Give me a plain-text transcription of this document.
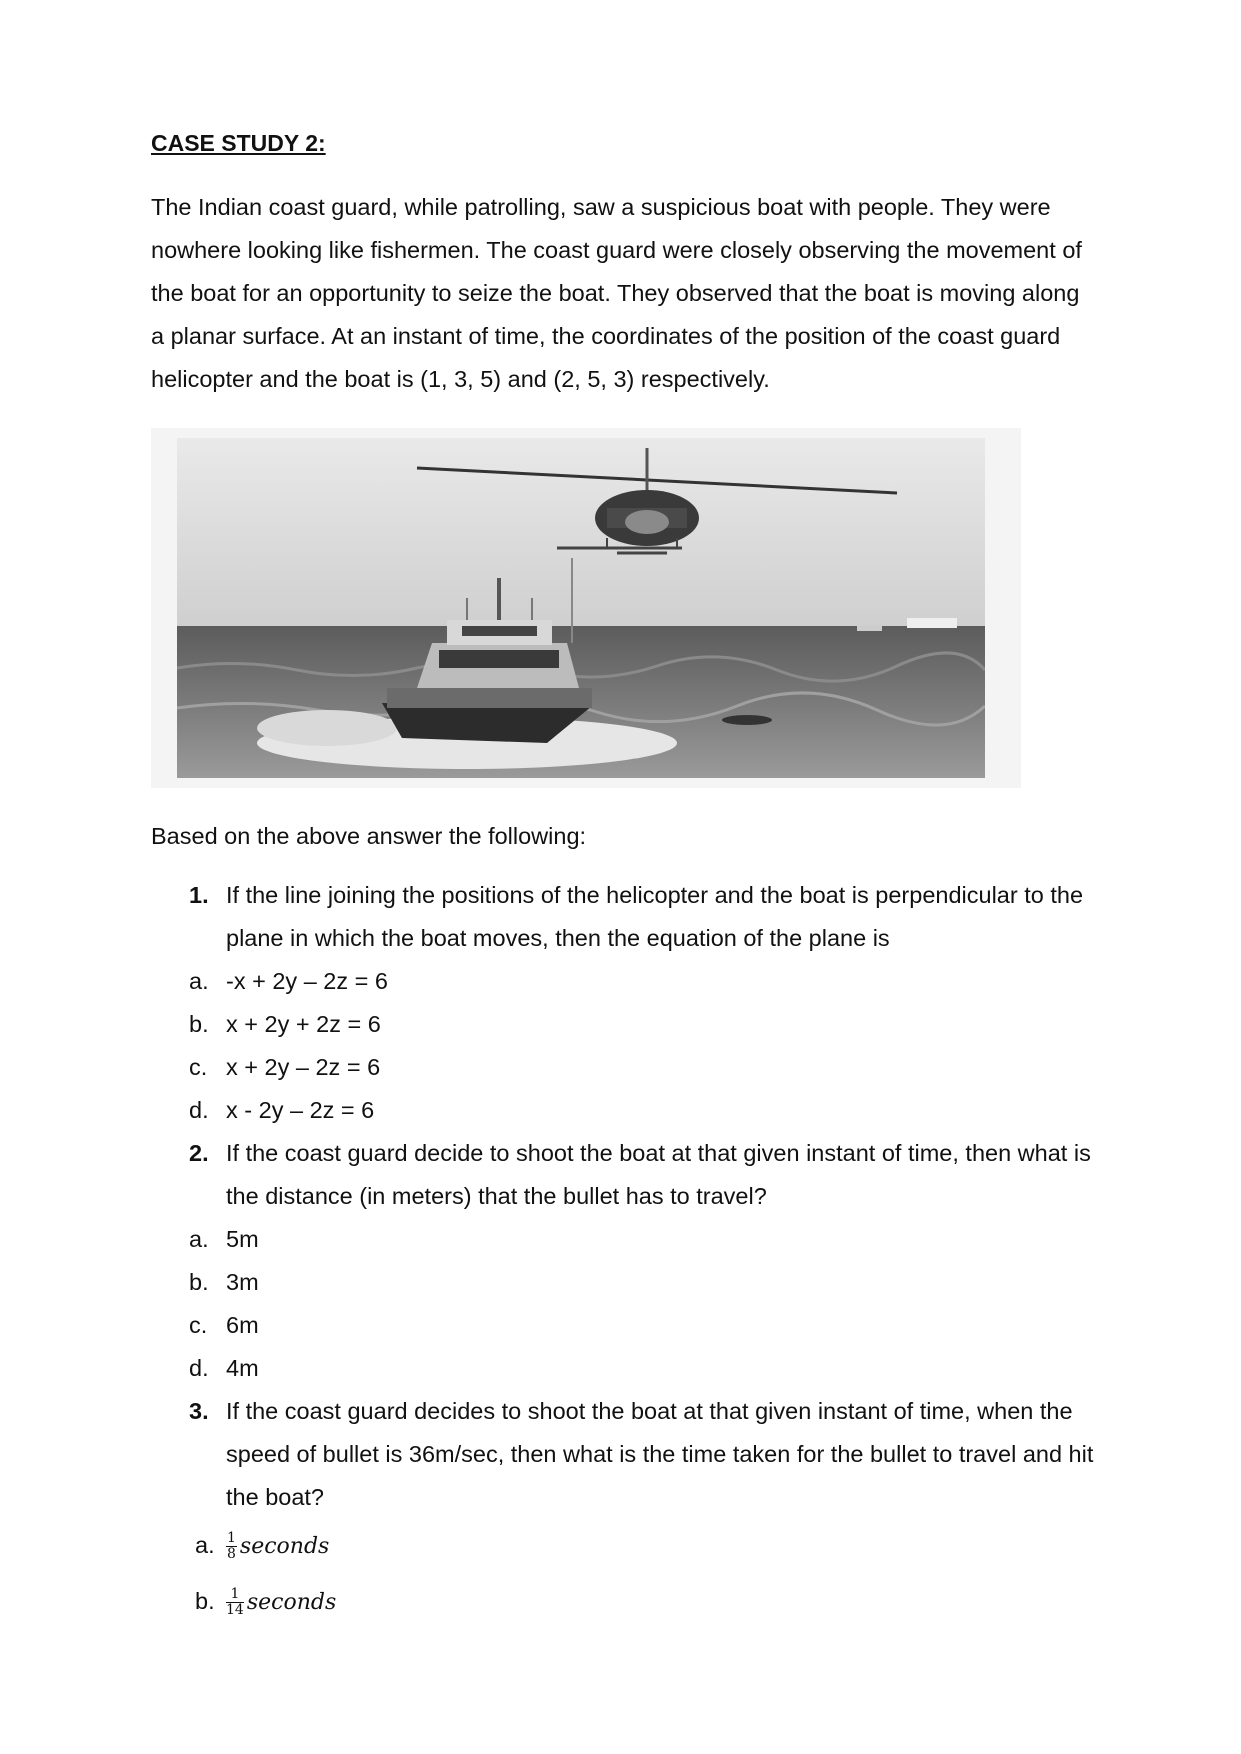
CASE STUDY 2:

The Indian coast guard, while patrolling, saw a suspicious boat with people. They were
nowhere looking like fishermen. The coast guard were closely observing the movement of
the boat for an opportunity to seize the boat. They observed that the boat is moving along
a planar surface. At an instant of time, the coordinates of the position of the coast guard
helicopter and the boat is (1, 3, 5) and (2, 5, 3) respectively.

Based on the above answer the following:
1. If the line joining the positions of the helicopter and the boat is perpendicular to the
plane in which the boat moves, then the equation of the plane is
a. -x + 2y – 2z = 6
b. x + 2y + 2z = 6
c. x + 2y – 2z = 6
d. x - 2y – 2z = 6
2. If the coast guard decide to shoot the boat at that given instant of time, then what is
the distance (in meters) that the bullet has to travel?
a. 5m
b. 3m
c. 6m
d. 4m
3. If the coast guard decides to shoot the boat at that given instant of time, when the
speed of bullet is 36m/sec, then what is the time taken for the bullet to travel and hit
the boat?
a. $\frac{1}{8}$ seconds
b. $\frac{1}{14}$ seconds
